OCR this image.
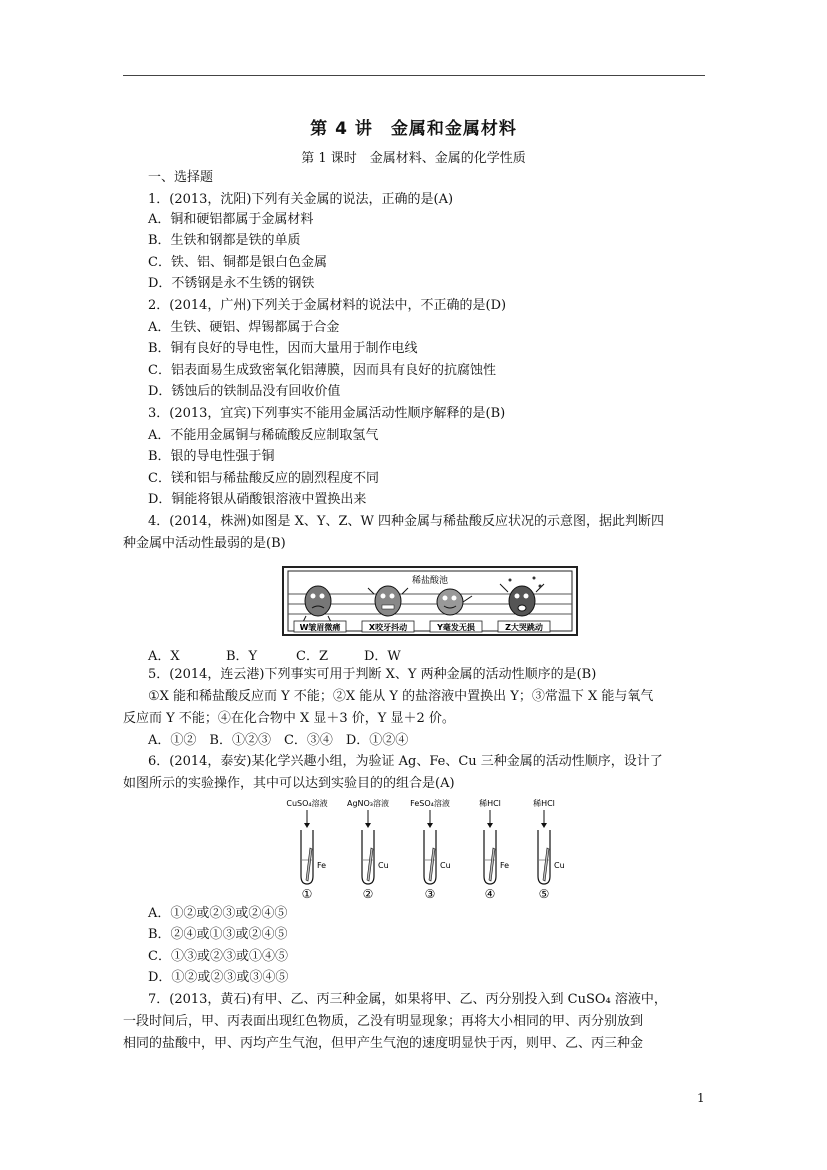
第 4 讲　金属和金属材料
第 1 课时　金属材料、金属的化学性质
一、选择题
1．(2013，沈阳)下列有关金属的说法，正确的是(A)
A．铜和硬铝都属于金属材料
B．生铁和钢都是铁的单质
C．铁、铝、铜都是银白色金属
D．不锈钢是永不生锈的钢铁
2．(2014，广州)下列关于金属材料的说法中，不正确的是(D)
A．生铁、硬铝、焊锡都属于合金
B．铜有良好的导电性，因而大量用于制作电线
C．铝表面易生成致密氧化铝薄膜，因而具有良好的抗腐蚀性
D．锈蚀后的铁制品没有回收价值
3．(2013，宜宾)下列事实不能用金属活动性顺序解释的是(B)
A．不能用金属铜与稀硫酸反应制取氢气
B．银的导电性强于铜
C．镁和铝与稀盐酸反应的剧烈程度不同
D．铜能将银从硝酸银溶液中置换出来
4．(2014，株洲)如图是 X、Y、Z、W 四种金属与稀盐酸反应状况的示意图，据此判断四
种金属中活动性最弱的是(B)
稀盐酸池
W皱眉微痛	X咬牙抖动	Y毫发无损	Z大哭跳动
A．X	B．Y	C．Z	D．W
5．(2014，连云港)下列事实可用于判断 X、Y 两种金属的活动性顺序的是(B)
①X 能和稀盐酸反应而 Y 不能；②X 能从 Y 的盐溶液中置换出 Y；③常温下 X 能与氧气
反应而 Y 不能；④在化合物中 X 显＋3 价，Y 显＋2 价。
A．①②　B．①②③　C．③④　D．①②④
6．(2014，泰安)某化学兴趣小组，为验证 Ag、Fe、Cu 三种金属的活动性顺序，设计了
如图所示的实验操作，其中可以达到实验目的的组合是(A)
CuSO₄溶液
Fe
①
AgNO₃溶液
Cu
②
FeSO₄溶液
Cu
③
稀HCl
Fe
④
稀HCl
Cu
⑤
A．①②或②③或②④⑤
B．②④或①③或②④⑤
C．①③或②③或①④⑤
D．①②或②③或③④⑤
7．(2013，黄石)有甲、乙、丙三种金属，如果将甲、乙、丙分别投入到 CuSO₄ 溶液中，
一段时间后，甲、丙表面出现红色物质，乙没有明显现象；再将大小相同的甲、丙分别放到
相同的盐酸中，甲、丙均产生气泡，但甲产生气泡的速度明显快于丙，则甲、乙、丙三种金
1
